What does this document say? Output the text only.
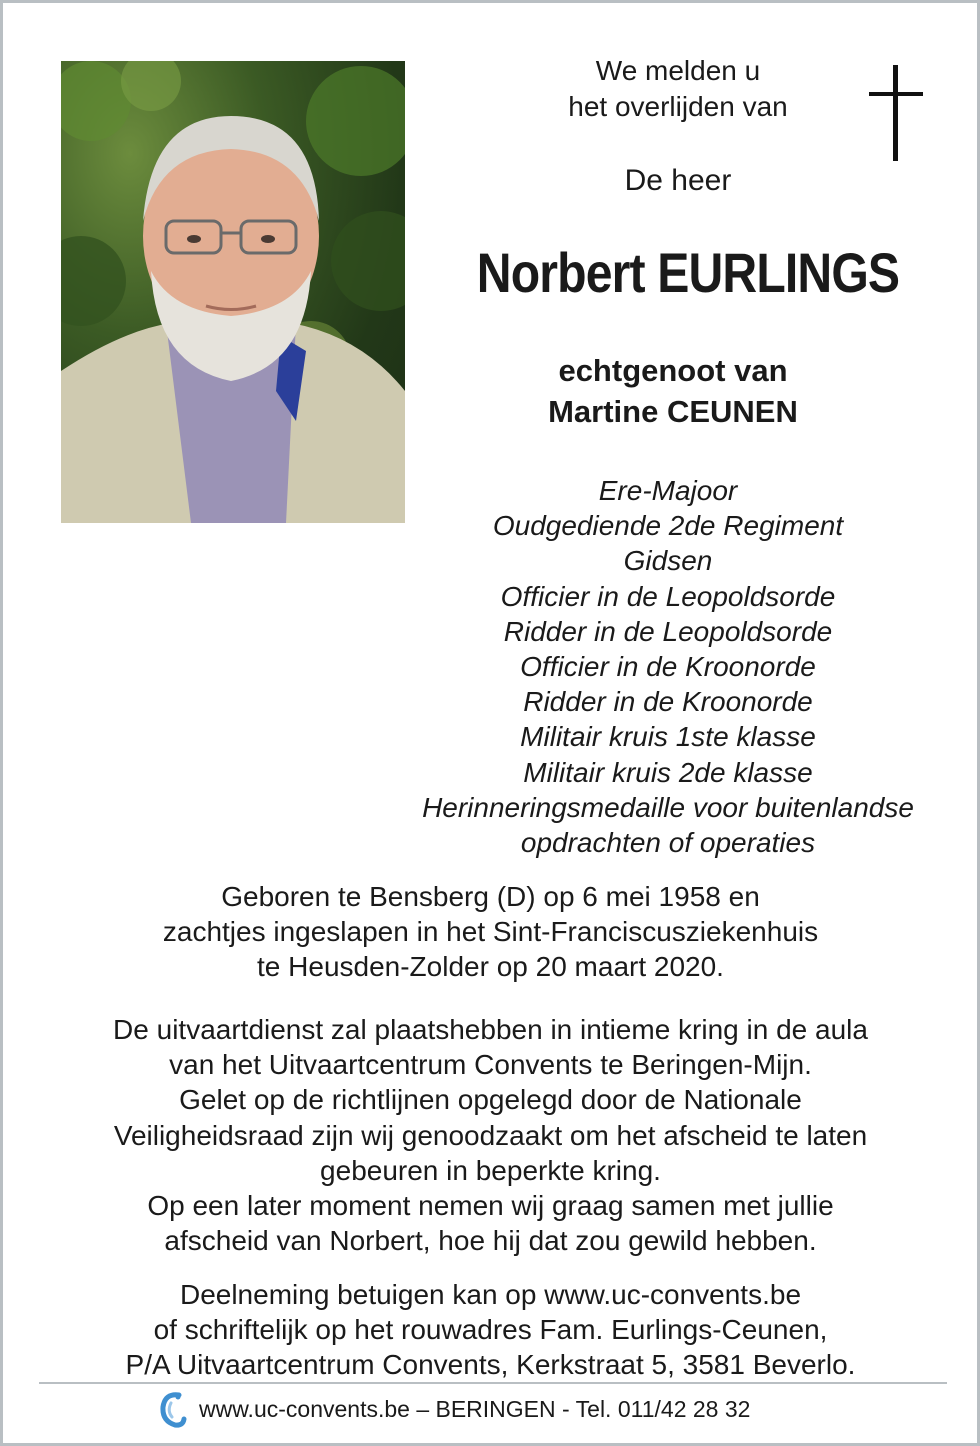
We melden u
het overlijden van
De heer
Norbert EURLINGS
echtgenoot van
Martine CEUNEN
Ere-Majoor
Oudgediende 2de Regiment
Gidsen
Officier in de Leopoldsorde
Ridder in de Leopoldsorde
Officier in de Kroonorde
Ridder in de Kroonorde
Militair kruis 1ste klasse
Militair kruis 2de klasse
Herinneringsmedaille voor buitenlandse
opdrachten of operaties
Geboren te Bensberg (D) op 6 mei 1958 en
zachtjes ingeslapen in het Sint-Franciscusziekenhuis
te Heusden-Zolder op 20 maart 2020.
De uitvaartdienst zal plaatshebben in intieme kring in de aula
van het Uitvaartcentrum Convents te Beringen-Mijn.
Gelet op de richtlijnen opgelegd door de Nationale
Veiligheidsraad zijn wij genoodzaakt om het afscheid te laten
gebeuren in beperkte kring.
Op een later moment nemen wij graag samen met jullie
afscheid van Norbert, hoe hij dat zou gewild hebben.
Deelneming betuigen kan op www.uc-convents.be
of schriftelijk op het rouwadres Fam. Eurlings-Ceunen,
P/A Uitvaartcentrum Convents, Kerkstraat 5, 3581 Beverlo.
www.uc-convents.be – BERINGEN - Tel. 011/42 28 32
